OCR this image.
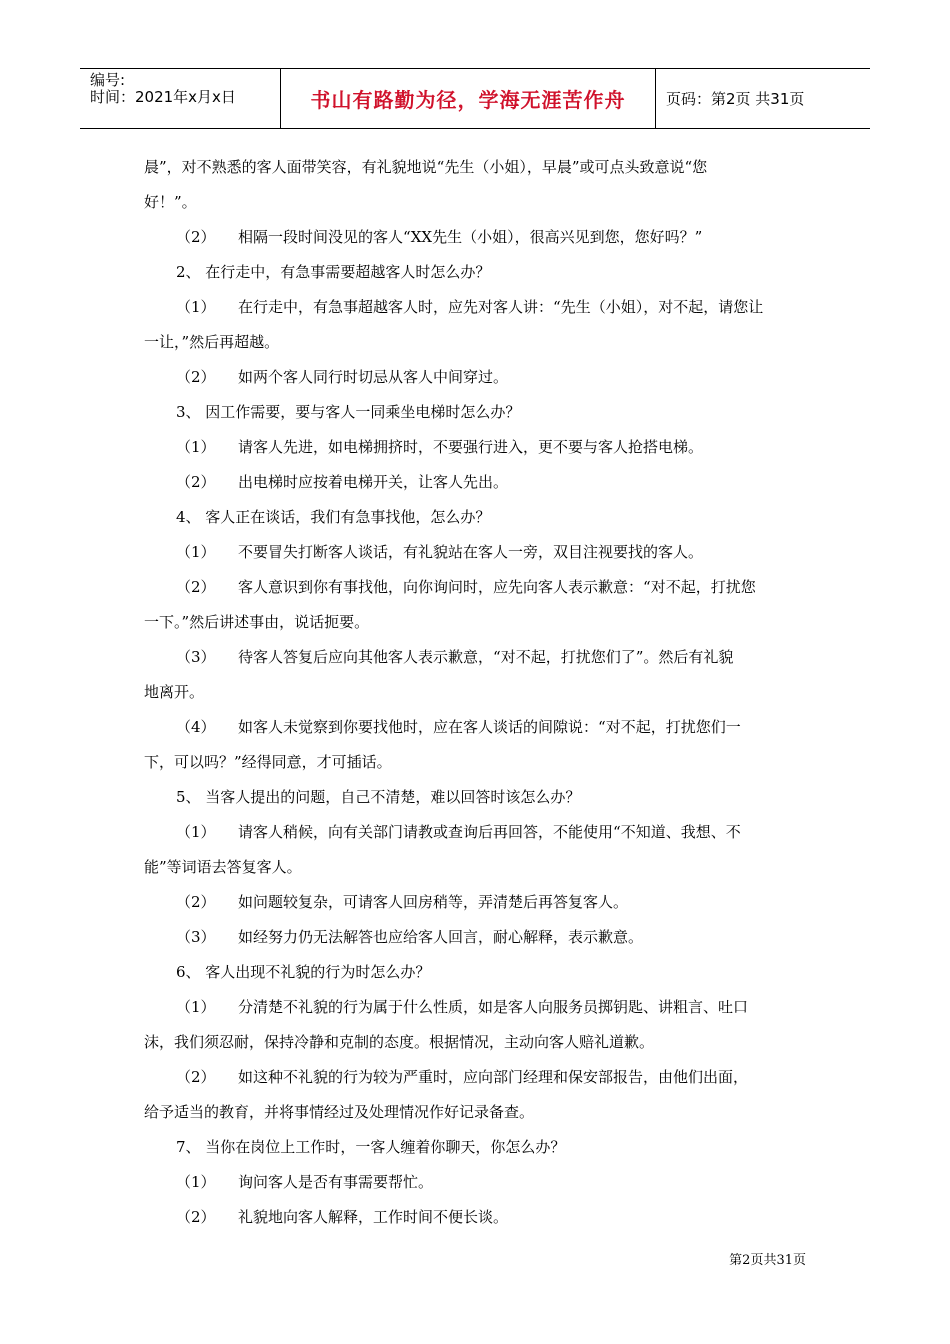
编号:
时间：2021年x月x日	书山有路勤为径，学海无涯苦作舟	页码：第2页 共31页
晨”，对不熟悉的客人面带笑容，有礼貌地说“先生（小姐），早晨”或可点头致意说“您
好！”。
（2）　　相隔一段时间没见的客人“XX先生（小姐），很高兴见到您，您好吗？”
2、 在行走中，有急事需要超越客人时怎么办？
（1）　　在行走中，有急事超越客人时，应先对客人讲：“先生（小姐），对不起，请您让
一让，”然后再超越。
（2）　　如两个客人同行时切忌从客人中间穿过。
3、 因工作需要，要与客人一同乘坐电梯时怎么办？
（1）　　请客人先进，如电梯拥挤时，不要强行进入，更不要与客人抢搭电梯。
（2）　　出电梯时应按着电梯开关，让客人先出。
4、 客人正在谈话，我们有急事找他，怎么办？
（1）　　不要冒失打断客人谈话，有礼貌站在客人一旁，双目注视要找的客人。
（2）　　客人意识到你有事找他，向你询问时，应先向客人表示歉意：“对不起，打扰您
一下。”然后讲述事由，说话扼要。
（3）　　待客人答复后应向其他客人表示歉意，“对不起，打扰您们了”。然后有礼貌
地离开。
（4）　　如客人未觉察到你要找他时，应在客人谈话的间隙说：“对不起，打扰您们一
下，可以吗？”经得同意，才可插话。
5、 当客人提出的问题，自己不清楚，难以回答时该怎么办？
（1）　　请客人稍候，向有关部门请教或查询后再回答，不能使用“不知道、我想、不
能”等词语去答复客人。
（2）　　如问题较复杂，可请客人回房稍等，弄清楚后再答复客人。
（3）　　如经努力仍无法解答也应给客人回言，耐心解释，表示歉意。
6、 客人出现不礼貌的行为时怎么办？
（1）　　分清楚不礼貌的行为属于什么性质，如是客人向服务员掷钥匙、讲粗言、吐口
沫，我们须忍耐，保持冷静和克制的态度。根据情况，主动向客人赔礼道歉。
（2）　　如这种不礼貌的行为较为严重时，应向部门经理和保安部报告，由他们出面，
给予适当的教育，并将事情经过及处理情况作好记录备查。
7、 当你在岗位上工作时，一客人缠着你聊天，你怎么办？
（1）　　询问客人是否有事需要帮忙。
（2）　　礼貌地向客人解释，工作时间不便长谈。
第2页共31页
